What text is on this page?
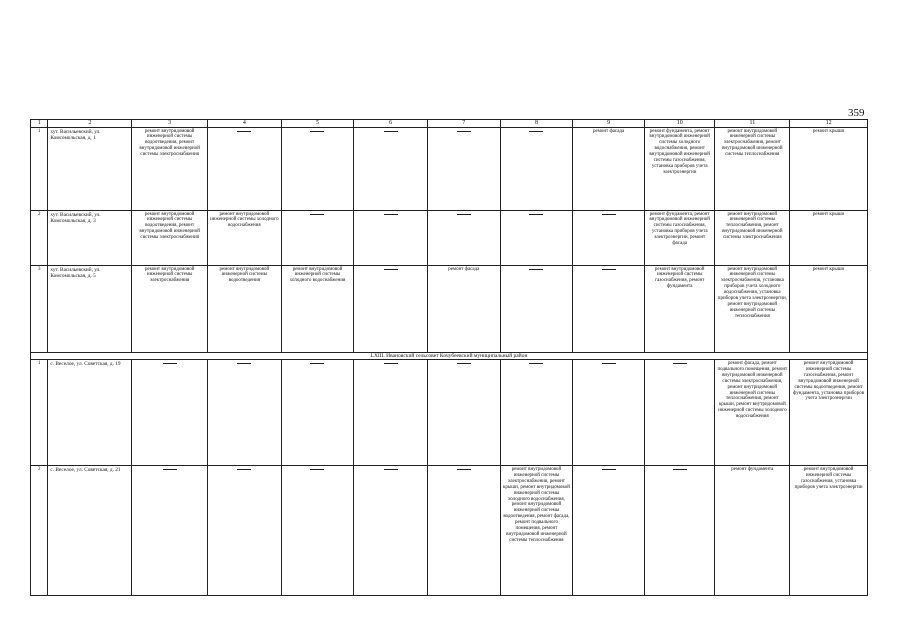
359
1	2	3	4	5	6	7	8	9	10	11	12
1	хут. Васильевский, ул. Комсомольская, д. 1	ремонт внутридомовой инженерной системы водоотведения, ремонт внутридомовой инженерной системы электроснабжения						ремонт фасада	ремонт фундамента, ремонт внутридомовой инженерной системы холодного водоснабжения, ремонт внутридомовой инженерной системы газоснабжения, установка приборов учета электроэнергии	ремонт внутридомовой инженерной системы электроснабжения, ремонт внутридомовой инженерной системы теплоснабжения	ремонт крыши
2	хут. Васильевский, ул. Комсомольская, д. 3	ремонт внутридомовой инженерной системы водоотведения, ремонт внутридомовой инженерной системы электроснабжения	ремонт внутридомовой инженерной системы холодного водоснабжения						ремонт фундамента, ремонт внутридомовой инженерной системы газоснабжения, установка приборов учета электроэнергии, ремонт фасада	ремонт внутридомовой инженерной системы теплоснабжения, ремонт внутридомовой инженерной системы электроснабжения	ремонт крыши
3	хут. Васильевский, ул. Комсомольская, д. 5	ремонт внутридомовой инженерной системы электроснабжения	ремонт внутридомовой инженерной системы водоотведения	ремонт внутридомовой инженерной системы холодного водоснабжения		ремонт фасада			ремонт внутридомовой инженерной системы газоснабжения, ремонт фундамента	ремонт внутридомовой инженерной системы электроснабжения, установка приборов учета холодного водоснабжения, установка приборов учета электроэнергии, ремонт внутридомовой инженерной системы теплоснабжения	ремонт крыши
LXIII. Ивановский сельсовет Кочубеевский муниципальный район											
1	с. Веселое, ул. Советская, д. 19									ремонт фасада, ремонт подвального помещения, ремонт внутридомовой инженерной системы электроснабжения, ремонт внутридомовой инженерной системы теплоснабжения, ремонт крыши, ремонт внутридомовой инженерной системы холодного водоснабжения	ремонт внутридомовой инженерной системы газоснабжения, ремонт внутридомовой инженерной системы водоотведения, ремонт фундамента, установка приборов учета электроэнергии
2	с. Веселое, ул. Советская, д. 21						ремонт внутридомовой инженерной системы электроснабжения, ремонт крыши, ремонт внутридомовой инженерной системы холодного водоснабжения, ремонт внутридомовой инженерной системы водоотведения, ремонт фасада, ремонт подвального помещения, ремонт внутридомовой инженерной системы теплоснабжения			ремонт фундамента	ремонт внутридомовой инженерной системы газоснабжения, установка приборов учета электроэнергии
